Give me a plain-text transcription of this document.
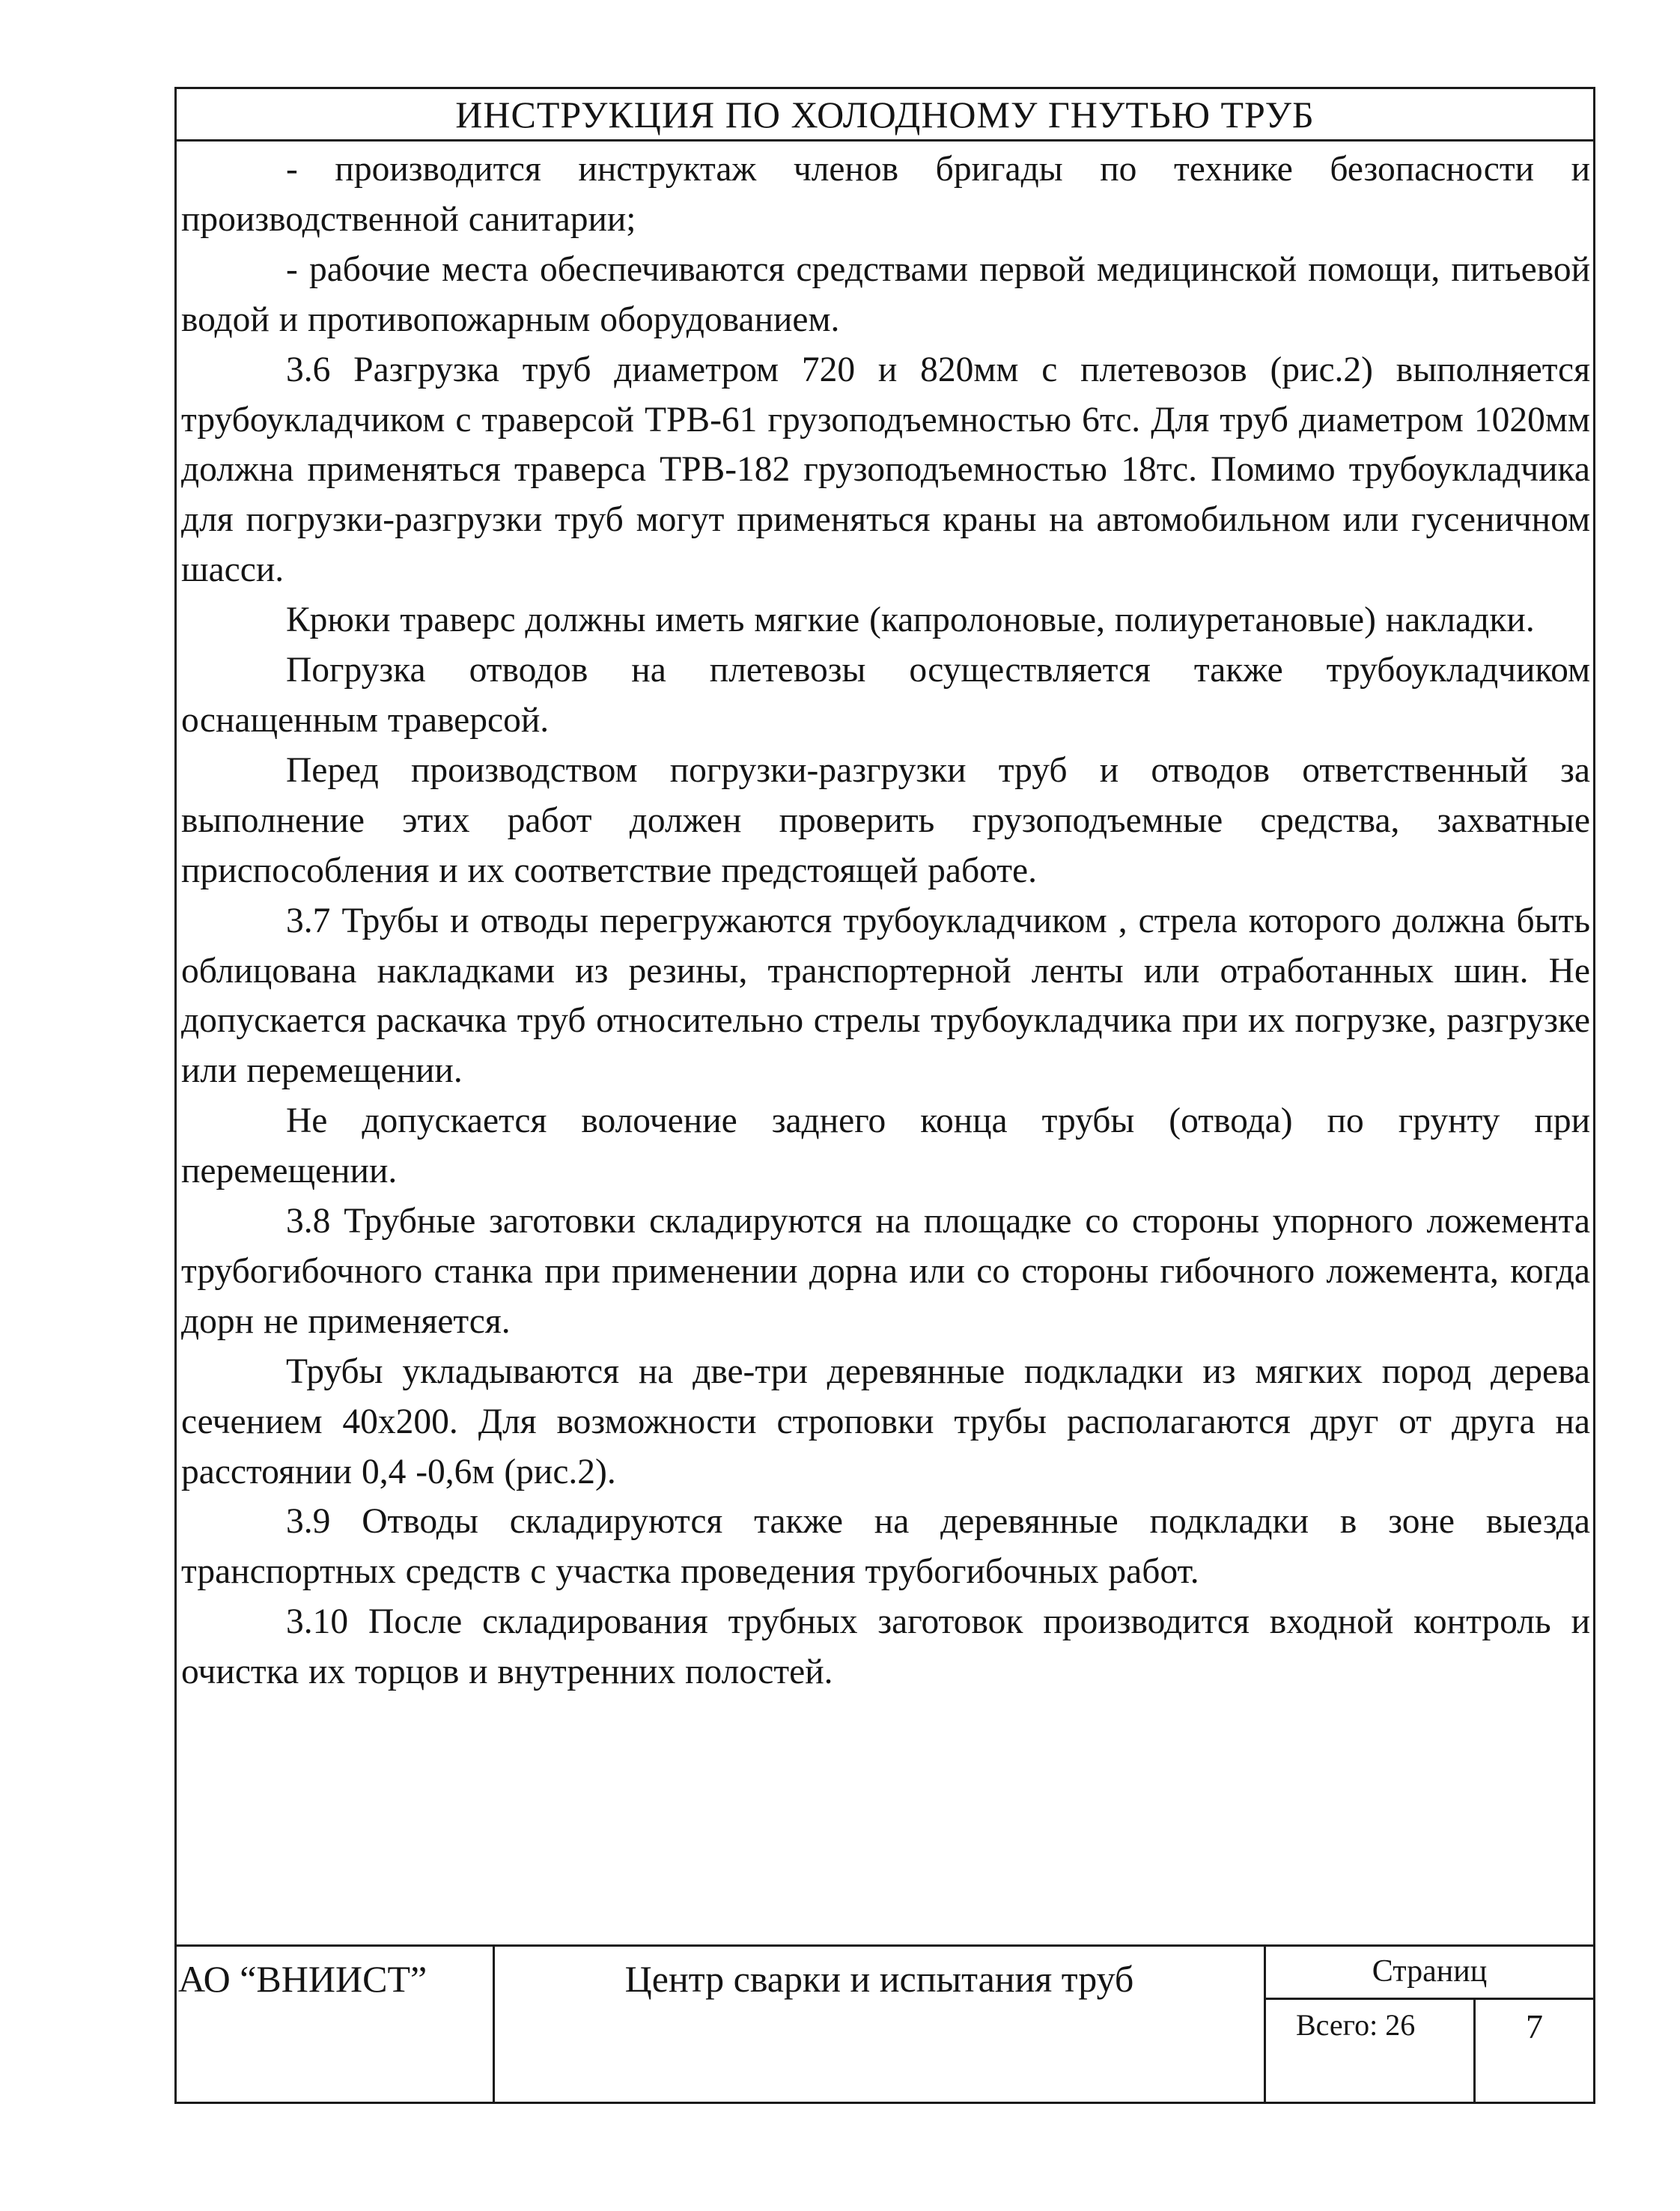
ИНСТРУКЦИЯ ПО ХОЛОДНОМУ ГНУТЬЮ ТРУБ

- производится инструктаж членов бригады по технике безопасности и производственной санитарии;

- рабочие места обеспечиваются средствами первой медицинской помощи, питьевой водой и противопожарным оборудованием.

3.6 Разгрузка труб диаметром 720 и 820мм с плетевозов (рис.2) выполняется трубоукладчиком с траверсой ТРВ-61 грузоподъемностью 6тс. Для труб диаметром 1020мм должна применяться траверса ТРВ-182 грузоподъемностью 18тс. Помимо трубоукладчика для погрузки-разгрузки труб могут применяться краны на автомобильном или гусеничном шасси.

Крюки траверс должны иметь мягкие (капролоновые, полиуретановые) накладки.

Погрузка отводов на плетевозы осуществляется также трубоукладчиком оснащенным траверсой.

Перед производством погрузки-разгрузки труб и отводов ответственный за выполнение этих работ должен проверить грузоподъемные средства, захватные приспособления и их соответствие предстоящей работе.

3.7 Трубы и отводы перегружаются трубоукладчиком , стрела которого должна быть облицована накладками из резины, транспортерной ленты или отработанных шин. Не допускается раскачка труб относительно стрелы трубоукладчика при их погрузке, разгрузке или перемещении.

Не допускается волочение заднего конца трубы (отвода) по грунту при перемещении.

3.8 Трубные заготовки складируются на площадке со стороны упорного ложемента трубогибочного станка при применении дорна или со стороны гибочного ложемента, когда дорн не применяется.

Трубы укладываются на две-три деревянные подкладки из мягких пород дерева сечением 40х200. Для возможности строповки трубы располагаются друг от друга на расстоянии 0,4 -0,6м (рис.2).

3.9 Отводы складируются также на деревянные подкладки в зоне выезда транспортных средств с участка проведения трубогибочных работ.

3.10 После складирования трубных заготовок производится входной контроль и очистка их торцов и внутренних полостей.

АО “ВНИИСТ”	Центр сварки и испытания труб	Страниц
Всего: 26	7
